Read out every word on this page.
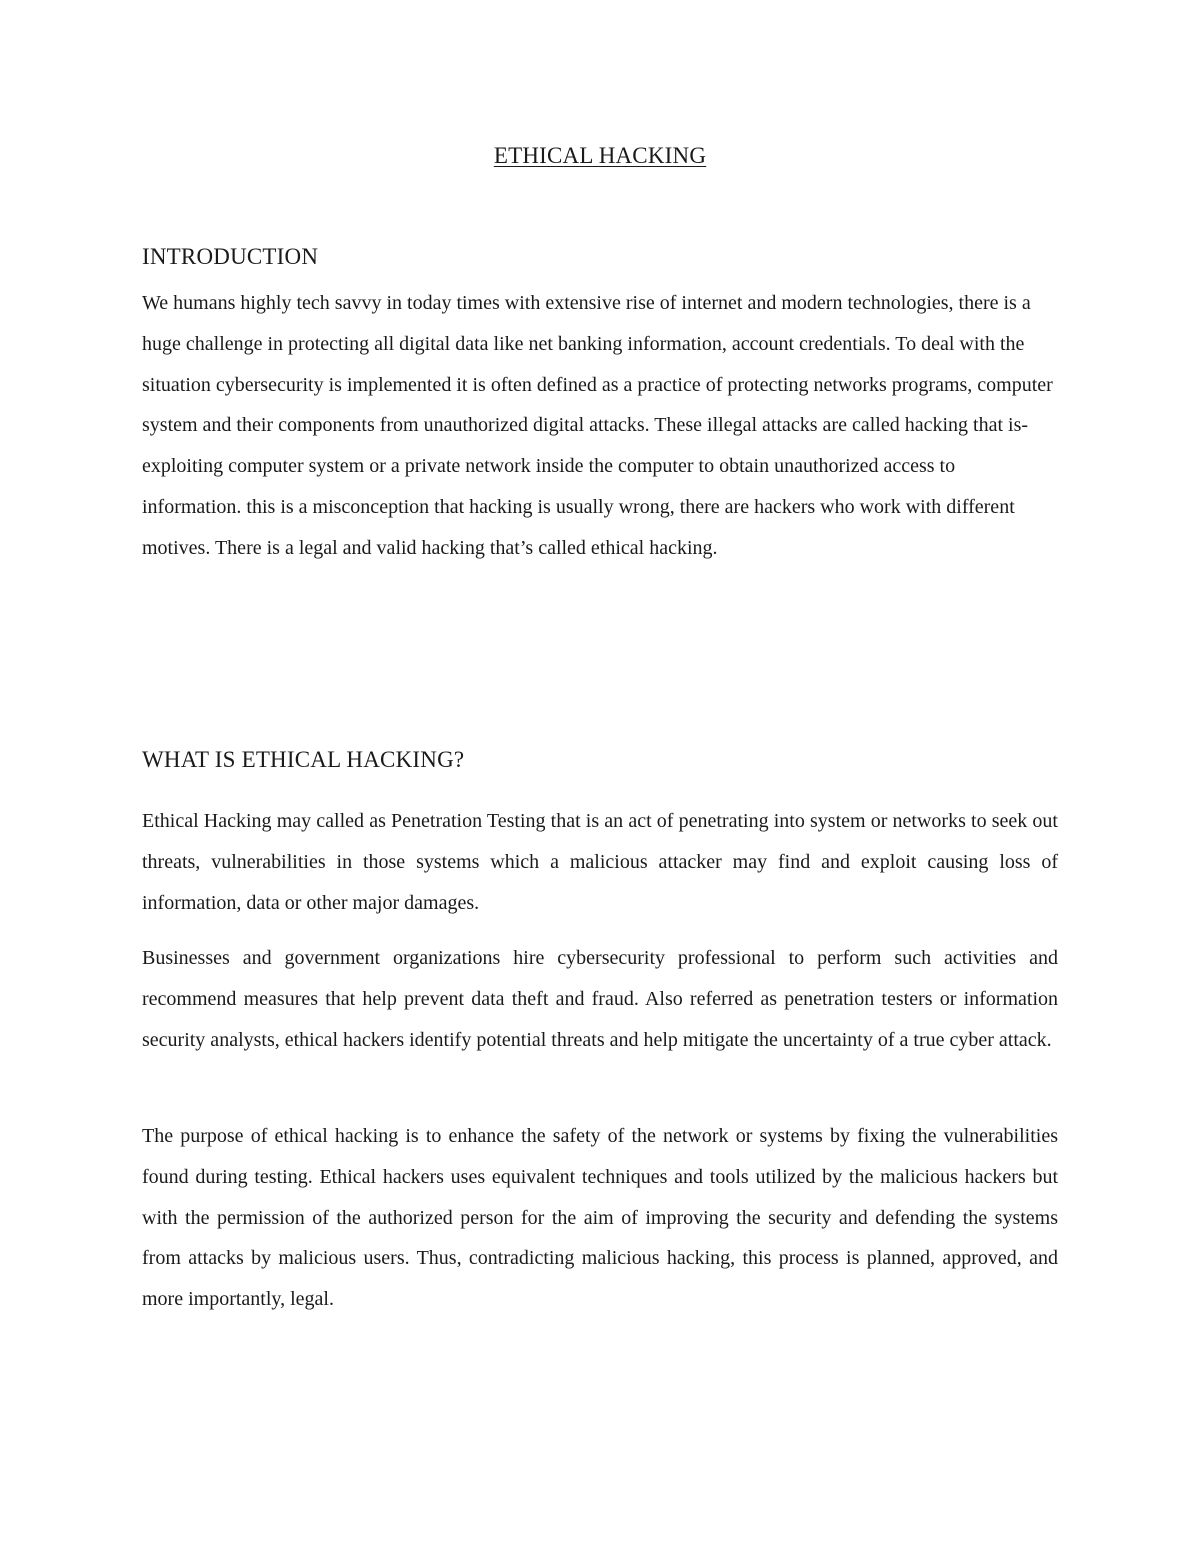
ETHICAL HACKING
INTRODUCTION

We humans highly tech savvy in today times with extensive rise of internet and modern technologies, there is a huge challenge in protecting all digital data like net banking information, account credentials. To deal with the situation cybersecurity is implemented it is often defined as a practice of protecting networks programs, computer system and their components from unauthorized digital attacks. These illegal attacks are called hacking that is- exploiting computer system or a private network inside the computer to obtain unauthorized access to information. this is a misconception that hacking is usually wrong, there are hackers who work with different motives. There is a legal and valid hacking that’s called ethical hacking.

WHAT IS ETHICAL HACKING?

Ethical Hacking may called as Penetration Testing that is an act of penetrating into system or networks to seek out threats, vulnerabilities in those systems which a malicious attacker may find and exploit causing loss of information, data or other major damages.

Businesses and government organizations hire cybersecurity professional to perform such activities and recommend measures that help prevent data theft and fraud. Also referred as penetration testers or information security analysts, ethical hackers identify potential threats and help mitigate the uncertainty of a true cyber attack.

The purpose of ethical hacking is to enhance the safety of the network or systems by fixing the vulnerabilities found during testing. Ethical hackers uses equivalent techniques and tools utilized by the malicious hackers but with the permission of the authorized person for the aim of improving the security and defending the systems from attacks by malicious users. Thus, contradicting malicious hacking, this process is planned, approved, and more importantly, legal.
